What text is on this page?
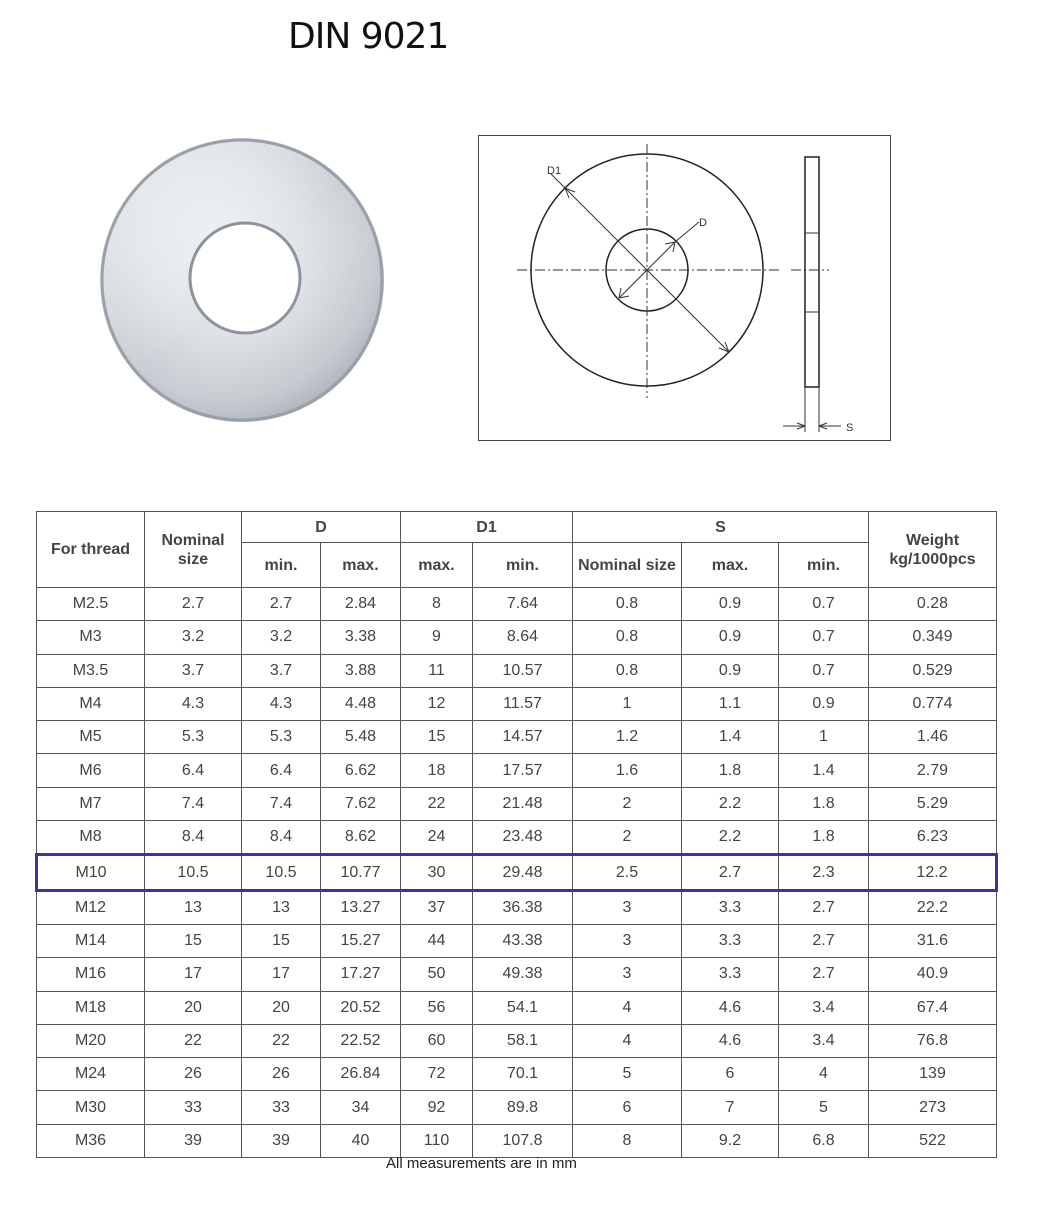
DIN 9021
D1
D
S
For thread	Nominal size	D		D1		S			Weight kg/1000pcs
		min.	max.	max.	min.	Nominal size	max.	min.	
M2.5	2.7	2.7	2.84	8	7.64	0.8	0.9	0.7	0.28
M3	3.2	3.2	3.38	9	8.64	0.8	0.9	0.7	0.349
M3.5	3.7	3.7	3.88	11	10.57	0.8	0.9	0.7	0.529
M4	4.3	4.3	4.48	12	11.57	1	1.1	0.9	0.774
M5	5.3	5.3	5.48	15	14.57	1.2	1.4	1	1.46
M6	6.4	6.4	6.62	18	17.57	1.6	1.8	1.4	2.79
M7	7.4	7.4	7.62	22	21.48	2	2.2	1.8	5.29
M8	8.4	8.4	8.62	24	23.48	2	2.2	1.8	6.23
M10	10.5	10.5	10.77	30	29.48	2.5	2.7	2.3	12.2
M12	13	13	13.27	37	36.38	3	3.3	2.7	22.2
M14	15	15	15.27	44	43.38	3	3.3	2.7	31.6
M16	17	17	17.27	50	49.38	3	3.3	2.7	40.9
M18	20	20	20.52	56	54.1	4	4.6	3.4	67.4
M20	22	22	22.52	60	58.1	4	4.6	3.4	76.8
M24	26	26	26.84	72	70.1	5	6	4	139
M30	33	33	34	92	89.8	6	7	5	273
M36	39	39	40	110	107.8	8	9.2	6.8	522
All measurements are in mm
